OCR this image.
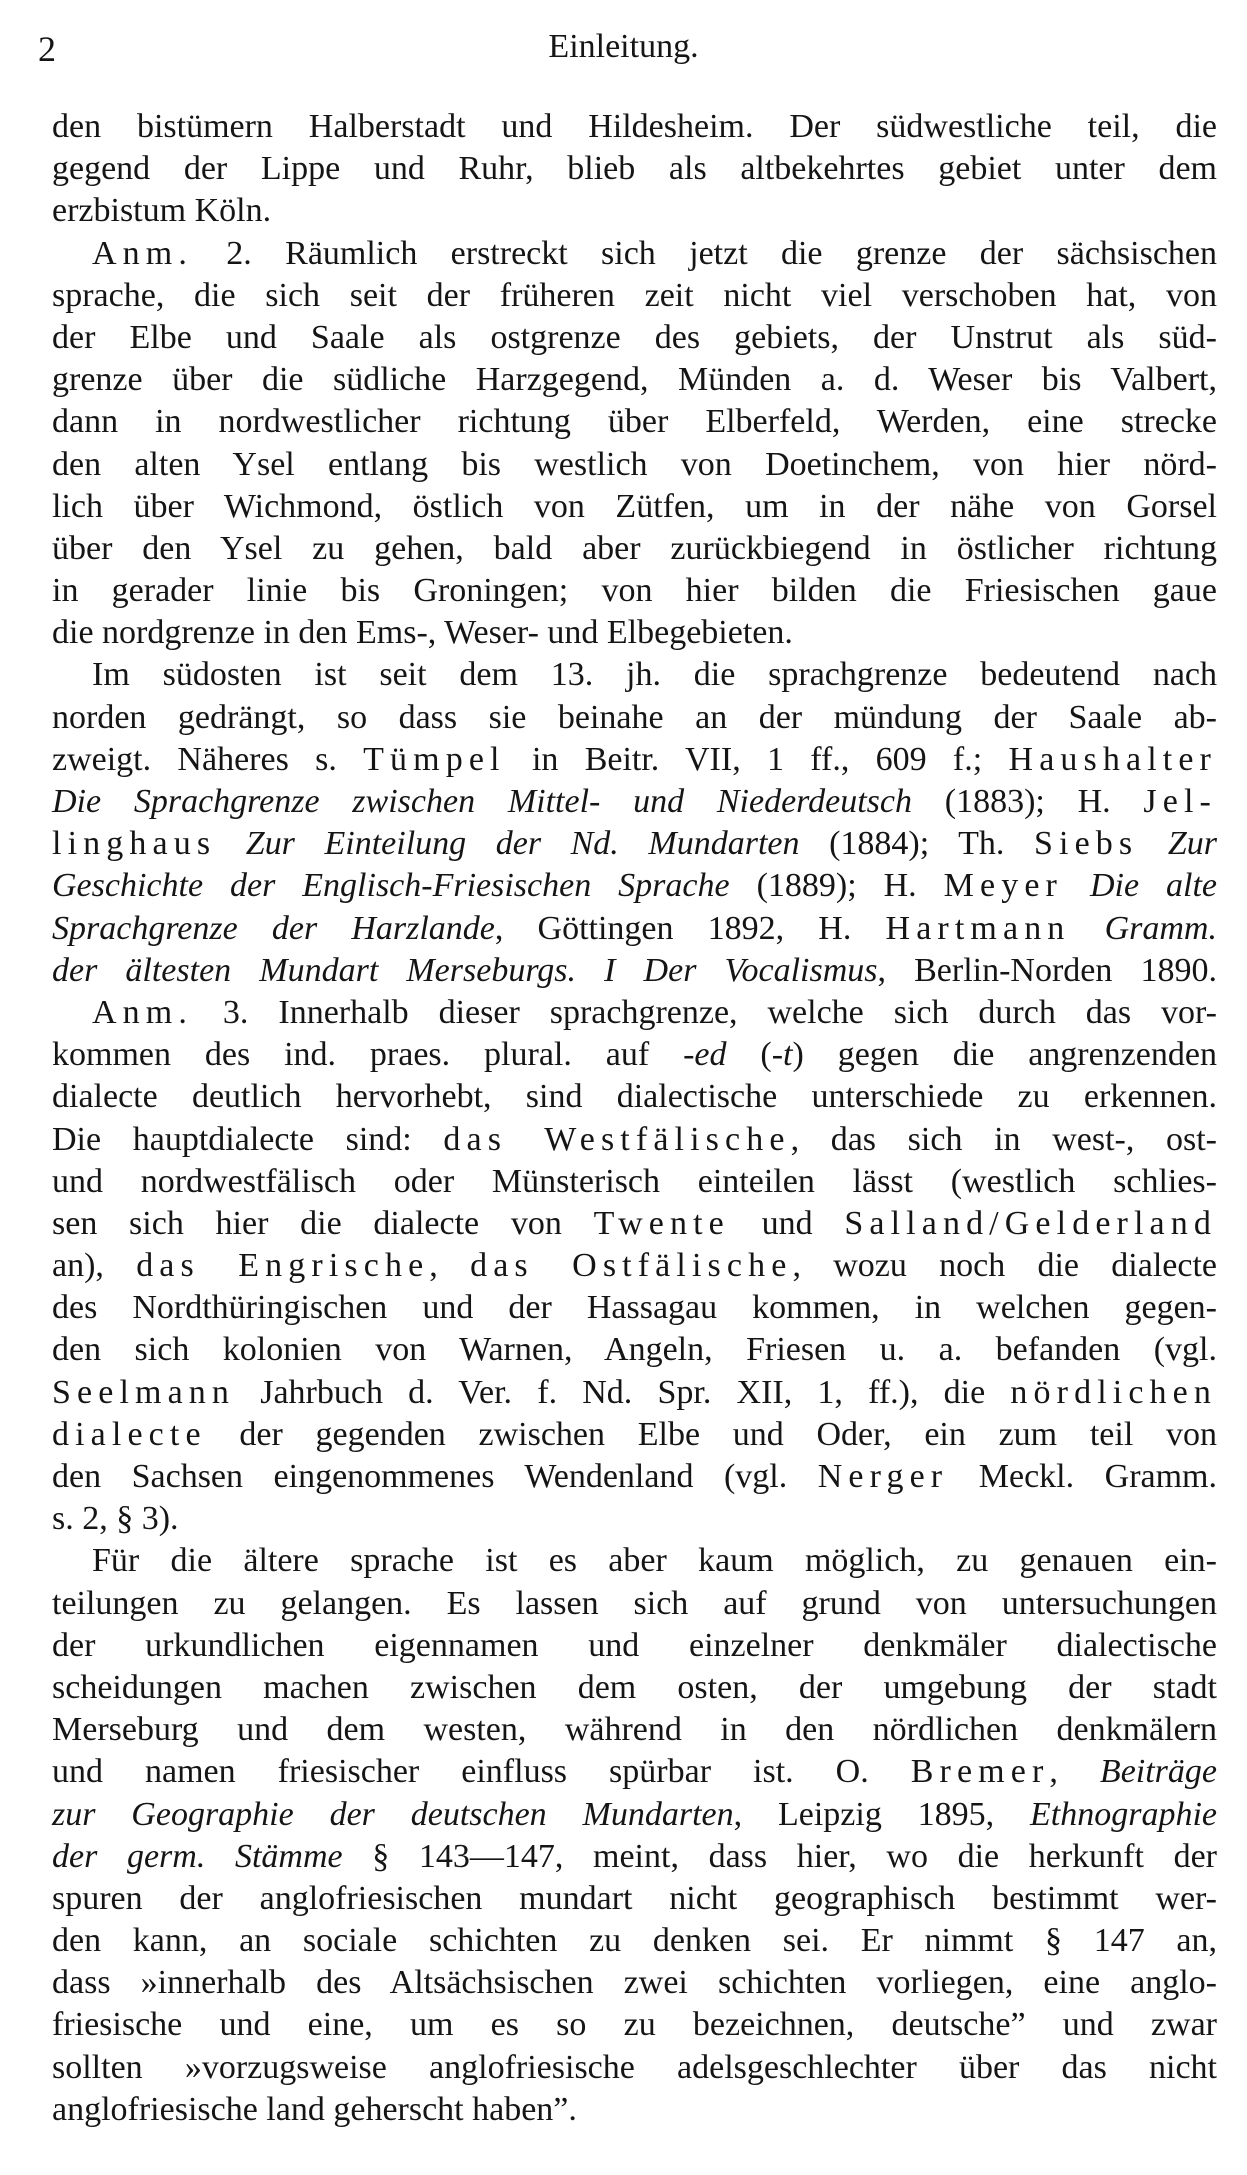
2	Einleitung.
den bistümern Halberstadt und Hildesheim. Der südwestliche teil, die
gegend der Lippe und Ruhr, blieb als altbekehrtes gebiet unter dem
erzbistum Köln.
Anm. 2. Räumlich erstreckt sich jetzt die grenze der sächsischen
sprache, die sich seit der früheren zeit nicht viel verschoben hat, von
der Elbe und Saale als ostgrenze des gebiets, der Unstrut als süd-
grenze über die südliche Harzgegend, Münden a. d. Weser bis Valbert,
dann in nordwestlicher richtung über Elberfeld, Werden, eine strecke
den alten Ysel entlang bis westlich von Doetinchem, von hier nörd-
lich über Wichmond, östlich von Zütfen, um in der nähe von Gorsel
über den Ysel zu gehen, bald aber zurückbiegend in östlicher richtung
in gerader linie bis Groningen; von hier bilden die Friesischen gaue
die nordgrenze in den Ems-, Weser- und Elbegebieten.
Im südosten ist seit dem 13. jh. die sprachgrenze bedeutend nach
norden gedrängt, so dass sie beinahe an der mündung der Saale ab-
zweigt. Näheres s. Tümpel in Beitr. VII, 1 ff., 609 f.; Haushalter
Die Sprachgrenze zwischen Mittel- und Niederdeutsch (1883); H. Jel-
linghaus Zur Einteilung der Nd. Mundarten (1884); Th. Siebs Zur
Geschichte der Englisch-Friesischen Sprache (1889); H. Meyer Die alte
Sprachgrenze der Harzlande, Göttingen 1892, H. Hartmann Gramm.
der ältesten Mundart Merseburgs. I Der Vocalismus, Berlin-Norden 1890.
Anm. 3. Innerhalb dieser sprachgrenze, welche sich durch das vor-
kommen des ind. praes. plural. auf -ed (-t) gegen die angrenzenden
dialecte deutlich hervorhebt, sind dialectische unterschiede zu erkennen.
Die hauptdialecte sind: das Westfälische, das sich in west-, ost-
und nordwestfälisch oder Münsterisch einteilen lässt (westlich schlies-
sen sich hier die dialecte von Twente und Salland/Gelderland
an), das Engrische, das Ostfälische, wozu noch die dialecte
des Nordthüringischen und der Hassagau kommen, in welchen gegen-
den sich kolonien von Warnen, Angeln, Friesen u. a. befanden (vgl.
Seelmann Jahrbuch d. Ver. f. Nd. Spr. XII, 1, ff.), die nördlichen
dialecte der gegenden zwischen Elbe und Oder, ein zum teil von
den Sachsen eingenommenes Wendenland (vgl. Nerger Meckl. Gramm.
s. 2, § 3).
Für die ältere sprache ist es aber kaum möglich, zu genauen ein-
teilungen zu gelangen. Es lassen sich auf grund von untersuchungen
der urkundlichen eigennamen und einzelner denkmäler dialectische
scheidungen machen zwischen dem osten, der umgebung der stadt
Merseburg und dem westen, während in den nördlichen denkmälern
und namen friesischer einfluss spürbar ist. O. Bremer, Beiträge
zur Geographie der deutschen Mundarten, Leipzig 1895, Ethnographie
der germ. Stämme § 143—147, meint, dass hier, wo die herkunft der
spuren der anglofriesischen mundart nicht geographisch bestimmt wer-
den kann, an sociale schichten zu denken sei. Er nimmt § 147 an,
dass »innerhalb des Altsächsischen zwei schichten vorliegen, eine anglo-
friesische und eine, um es so zu bezeichnen, deutsche” und zwar
sollten »vorzugsweise anglofriesische adelsgeschlechter über das nicht
anglofriesische land geherscht haben”.
